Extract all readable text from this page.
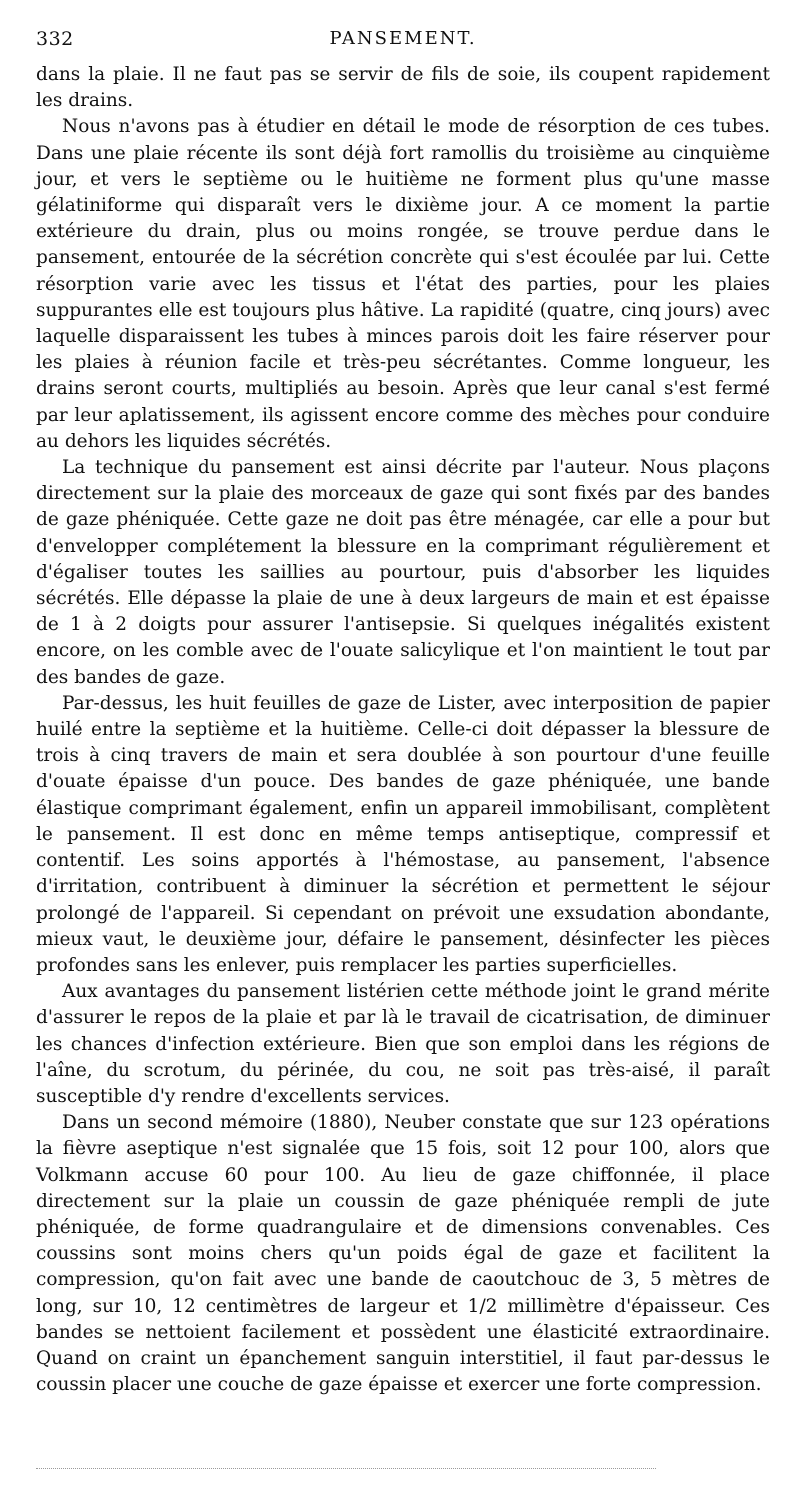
332	PANSEMENT.

dans la plaie. Il ne faut pas se servir de fils de soie, ils coupent rapidement les drains.

Nous n'avons pas à étudier en détail le mode de résorption de ces tubes. Dans une plaie récente ils sont déjà fort ramollis du troisième au cinquième jour, et vers le septième ou le huitième ne forment plus qu'une masse gélatiniforme qui disparaît vers le dixième jour. A ce moment la partie extérieure du drain, plus ou moins rongée, se trouve perdue dans le pansement, entourée de la sécrétion concrète qui s'est écoulée par lui. Cette résorption varie avec les tissus et l'état des parties, pour les plaies suppurantes elle est toujours plus hâtive. La rapidité (quatre, cinq jours) avec laquelle disparaissent les tubes à minces parois doit les faire réserver pour les plaies à réunion facile et très-peu sécrétantes. Comme longueur, les drains seront courts, multipliés au besoin. Après que leur canal s'est fermé par leur aplatissement, ils agissent encore comme des mèches pour conduire au dehors les liquides sécrétés.

La technique du pansement est ainsi décrite par l'auteur. Nous plaçons directement sur la plaie des morceaux de gaze qui sont fixés par des bandes de gaze phéniquée. Cette gaze ne doit pas être ménagée, car elle a pour but d'envelopper complétement la blessure en la comprimant régulièrement et d'égaliser toutes les saillies au pourtour, puis d'absorber les liquides sécrétés. Elle dépasse la plaie de une à deux largeurs de main et est épaisse de 1 à 2 doigts pour assurer l'antisepsie. Si quelques inégalités existent encore, on les comble avec de l'ouate salicylique et l'on maintient le tout par des bandes de gaze.

Par-dessus, les huit feuilles de gaze de Lister, avec interposition de papier huilé entre la septième et la huitième. Celle-ci doit dépasser la blessure de trois à cinq travers de main et sera doublée à son pourtour d'une feuille d'ouate épaisse d'un pouce. Des bandes de gaze phéniquée, une bande élastique comprimant également, enfin un appareil immobilisant, complètent le pansement. Il est donc en même temps antiseptique, compressif et contentif. Les soins apportés à l'hémostase, au pansement, l'absence d'irritation, contribuent à diminuer la sécrétion et permettent le séjour prolongé de l'appareil. Si cependant on prévoit une exsudation abondante, mieux vaut, le deuxième jour, défaire le pansement, désinfecter les pièces profondes sans les enlever, puis remplacer les parties superficielles.

Aux avantages du pansement listérien cette méthode joint le grand mérite d'assurer le repos de la plaie et par là le travail de cicatrisation, de diminuer les chances d'infection extérieure. Bien que son emploi dans les régions de l'aîne, du scrotum, du périnée, du cou, ne soit pas très-aisé, il paraît susceptible d'y rendre d'excellents services.

Dans un second mémoire (1880), Neuber constate que sur 123 opérations la fièvre aseptique n'est signalée que 15 fois, soit 12 pour 100, alors que Volkmann accuse 60 pour 100. Au lieu de gaze chiffonnée, il place directement sur la plaie un coussin de gaze phéniquée rempli de jute phéniquée, de forme quadrangulaire et de dimensions convenables. Ces coussins sont moins chers qu'un poids égal de gaze et facilitent la compression, qu'on fait avec une bande de caoutchouc de 3, 5 mètres de long, sur 10, 12 centimètres de largeur et 1/2 millimètre d'épaisseur. Ces bandes se nettoient facilement et possèdent une élasticité extraordinaire. Quand on craint un épanchement sanguin interstitiel, il faut par-dessus le coussin placer une couche de gaze épaisse et exercer une forte compression.
